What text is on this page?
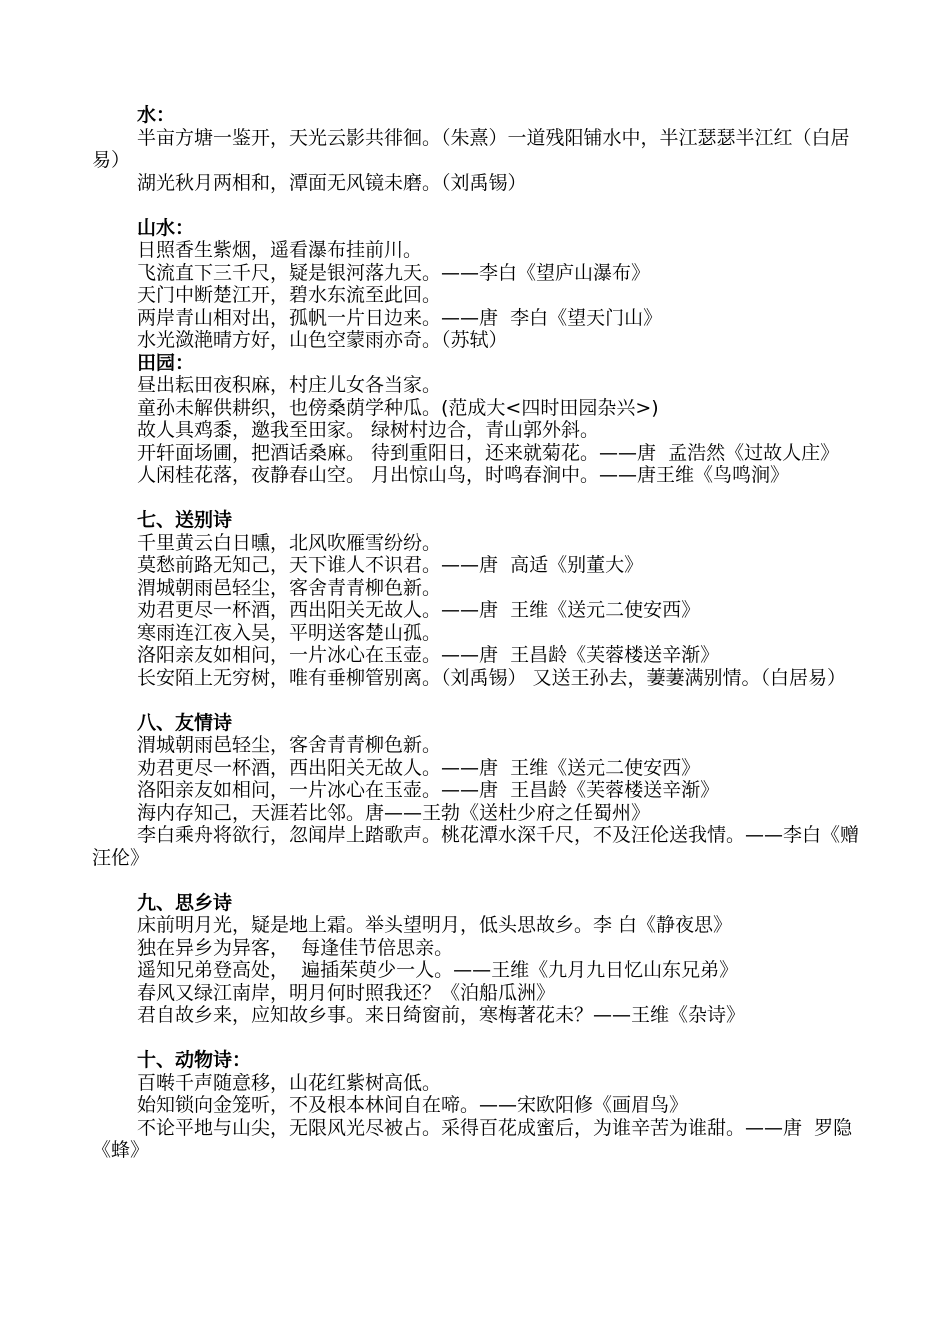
水：
半亩方塘一鉴开，天光云影共徘徊。（朱熹）一道残阳铺水中，半江瑟瑟半江红（白居易）
湖光秋月两相和，潭面无风镜未磨。（刘禹锡）
山水：
日照香生紫烟，遥看瀑布挂前川。
飞流直下三千尺，疑是银河落九天。——李白《望庐山瀑布》
天门中断楚江开，碧水东流至此回。
两岸青山相对出，孤帆一片日边来。——唐  李白《望天门山》
水光潋滟晴方好，山色空蒙雨亦奇。（苏轼）
田园：
昼出耘田夜积麻，村庄儿女各当家。
童孙未解供耕织，也傍桑荫学种瓜。(范成大<四时田园杂兴>)
故人具鸡黍，邀我至田家。 绿树村边合，青山郭外斜。
开轩面场圃，把酒话桑麻。 待到重阳日，还来就菊花。——唐  孟浩然《过故人庄》
人闲桂花落，夜静春山空。 月出惊山鸟，时鸣春涧中。——唐王维《鸟鸣涧》
七、送别诗
千里黄云白日曛，北风吹雁雪纷纷。
莫愁前路无知己，天下谁人不识君。——唐  高适《别董大》
渭城朝雨邑轻尘，客舍青青柳色新。
劝君更尽一杯酒，西出阳关无故人。——唐  王维《送元二使安西》
寒雨连江夜入吴，平明送客楚山孤。
洛阳亲友如相问，一片冰心在玉壶。——唐  王昌龄《芙蓉楼送辛渐》
长安陌上无穷树，唯有垂柳管别离。（刘禹锡） 又送王孙去，萋萋满别情。（白居易）
八、友情诗
渭城朝雨邑轻尘，客舍青青柳色新。
劝君更尽一杯酒，西出阳关无故人。——唐  王维《送元二使安西》
洛阳亲友如相问，一片冰心在玉壶。——唐  王昌龄《芙蓉楼送辛渐》
海内存知己，天涯若比邻。唐——王勃《送杜少府之任蜀州》
李白乘舟将欲行，忽闻岸上踏歌声。桃花潭水深千尺，不及汪伦送我情。——李白《赠汪伦》
九、思乡诗
床前明月光，疑是地上霜。举头望明月，低头思故乡。李 白《静夜思》
独在异乡为异客，  每逢佳节倍思亲。
遥知兄弟登高处，  遍插茱萸少一人。——王维《九月九日忆山东兄弟》
春风又绿江南岸，明月何时照我还？《泊船瓜洲》
君自故乡来，应知故乡事。来日绮窗前，寒梅著花未？——王维《杂诗》
十、动物诗：
百啭千声随意移，山花红紫树高低。
始知锁向金笼听，不及根本林间自在啼。——宋欧阳修《画眉鸟》
不论平地与山尖，无限风光尽被占。采得百花成蜜后，为谁辛苦为谁甜。——唐  罗隐《蜂》
